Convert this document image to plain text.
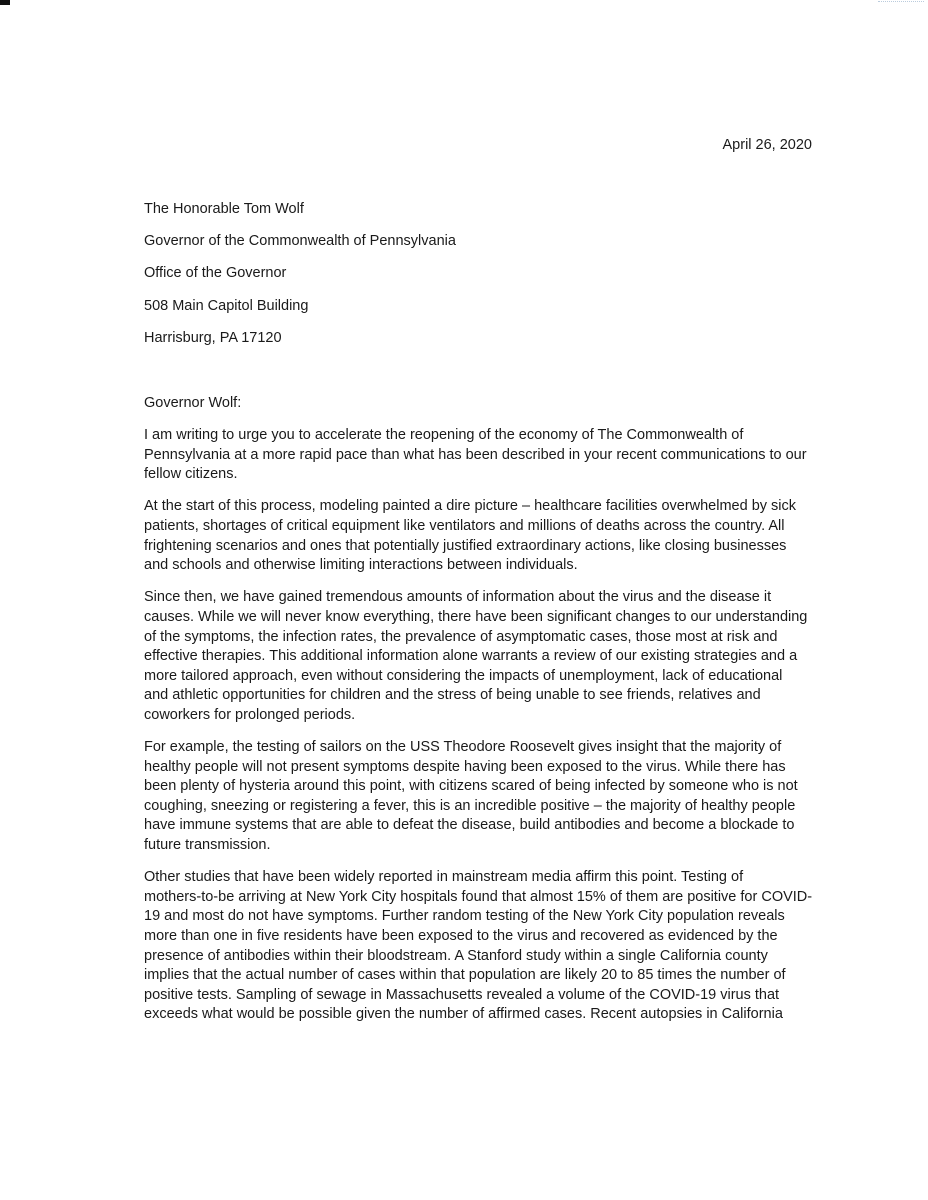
April 26, 2020
The Honorable Tom Wolf
Governor of the Commonwealth of Pennsylvania
Office of the Governor
508 Main Capitol Building
Harrisburg, PA 17120
Governor Wolf:
I am writing to urge you to accelerate the reopening of the economy of The Commonwealth of
Pennsylvania at a more rapid pace than what has been described in your recent communications to our
fellow citizens.
At the start of this process, modeling painted a dire picture – healthcare facilities overwhelmed by sick
patients, shortages of critical equipment like ventilators and millions of deaths across the country. All
frightening scenarios and ones that potentially justified extraordinary actions, like closing businesses
and schools and otherwise limiting interactions between individuals.
Since then, we have gained tremendous amounts of information about the virus and the disease it
causes. While we will never know everything, there have been significant changes to our understanding
of the symptoms, the infection rates, the prevalence of asymptomatic cases, those most at risk and
effective therapies. This additional information alone warrants a review of our existing strategies and a
more tailored approach, even without considering the impacts of unemployment, lack of educational
and athletic opportunities for children and the stress of being unable to see friends, relatives and
coworkers for prolonged periods.
For example, the testing of sailors on the USS Theodore Roosevelt gives insight that the majority of
healthy people will not present symptoms despite having been exposed to the virus. While there has
been plenty of hysteria around this point, with citizens scared of being infected by someone who is not
coughing, sneezing or registering a fever, this is an incredible positive – the majority of healthy people
have immune systems that are able to defeat the disease, build antibodies and become a blockade to
future transmission.
Other studies that have been widely reported in mainstream media affirm this point. Testing of
mothers-to-be arriving at New York City hospitals found that almost 15% of them are positive for COVID-
19 and most do not have symptoms. Further random testing of the New York City population reveals
more than one in five residents have been exposed to the virus and recovered as evidenced by the
presence of antibodies within their bloodstream. A Stanford study within a single California county
implies that the actual number of cases within that population are likely 20 to 85 times the number of
positive tests. Sampling of sewage in Massachusetts revealed a volume of the COVID-19 virus that
exceeds what would be possible given the number of affirmed cases. Recent autopsies in California
